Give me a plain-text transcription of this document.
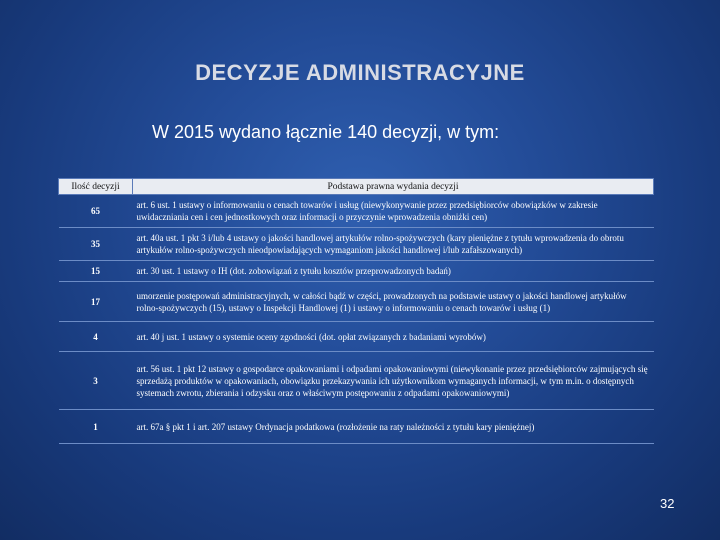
DECYZJE ADMINISTRACYJNE
W 2015 wydano łącznie 140 decyzji, w tym:
Ilość decyzji	Podstawa prawna wydania decyzji
65	art. 6 ust. 1 ustawy o informowaniu o cenach towarów i usług (niewykonywanie przez przedsiębiorców obowiązków w zakresie uwidaczniania cen i cen jednostkowych oraz informacji o przyczynie wprowadzenia obniżki cen)
35	art. 40a ust. 1 pkt 3 i/lub 4 ustawy o jakości handlowej artykułów rolno-spożywczych (kary pieniężne z tytułu wprowadzenia do obrotu artykułów rolno-spożywczych nieodpowiadających wymaganiom jakości handlowej i/lub zafałszowanych)
15	art. 30 ust. 1 ustawy o IH (dot. zobowiązań z tytułu kosztów przeprowadzonych badań)
17	umorzenie postępowań administracyjnych, w całości bądź w części, prowadzonych na podstawie ustawy o jakości handlowej artykułów rolno-spożywczych (15), ustawy o Inspekcji Handlowej (1) i ustawy o informowaniu o cenach towarów i usług (1)
4	art. 40 j ust. 1 ustawy o systemie oceny zgodności (dot. opłat związanych z badaniami wyrobów)
3	art. 56 ust. 1 pkt 12 ustawy o gospodarce opakowaniami i odpadami opakowaniowymi (niewykonanie przez przedsiębiorców zajmujących się sprzedażą produktów w opakowaniach, obowiązku przekazywania ich użytkownikom wymaganych informacji, w tym m.in. o dostępnych systemach zwrotu, zbierania i odzysku oraz o właściwym postępowaniu z odpadami opakowaniowymi)
1	art. 67a § pkt 1 i art. 207 ustawy Ordynacja podatkowa (rozłożenie na raty należności z tytułu kary pieniężnej)
32
